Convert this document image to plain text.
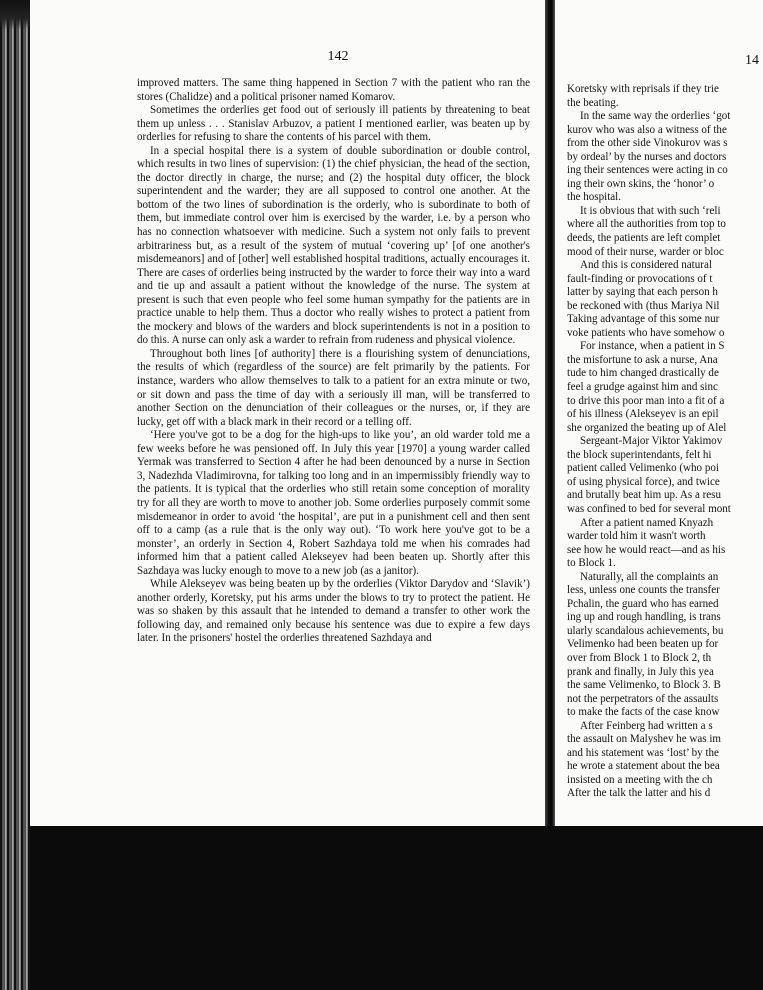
142

improved matters. The same thing happened in Section 7 with the patient who ran the stores (Chalidze) and a political prisoner named Komarov.

Sometimes the orderlies get food out of seriously ill patients by threatening to beat them up unless . . . Stanislav Arbuzov, a patient I mentioned earlier, was beaten up by orderlies for refusing to share the contents of his parcel with them.

In a special hospital there is a system of double subordination or double control, which results in two lines of supervision: (1) the chief physician, the head of the section, the doctor directly in charge, the nurse; and (2) the hospital duty officer, the block superintendent and the warder; they are all supposed to control one another. At the bottom of the two lines of subordination is the orderly, who is subordinate to both of them, but immediate control over him is exercised by the warder, i.e. by a person who has no connection whatsoever with medicine. Such a system not only fails to prevent arbitrariness but, as a result of the system of mutual ‘covering up’ [of one another's misdemeanors] and of [other] well established hospital traditions, actually encourages it. There are cases of orderlies being instructed by the warder to force their way into a ward and tie up and assault a patient without the knowledge of the nurse. The system at present is such that even people who feel some human sympathy for the patients are in practice unable to help them. Thus a doctor who really wishes to protect a patient from the mockery and blows of the warders and block superintendents is not in a position to do this. A nurse can only ask a warder to refrain from rudeness and physical violence.

Throughout both lines [of authority] there is a flourishing system of denunciations, the results of which (regardless of the source) are felt primarily by the patients. For instance, warders who allow themselves to talk to a patient for an extra minute or two, or sit down and pass the time of day with a seriously ill man, will be transferred to another Section on the denunciation of their colleagues or the nurses, or, if they are lucky, get off with a black mark in their record or a telling off.

‘Here you've got to be a dog for the high-ups to like you’, an old warder told me a few weeks before he was pensioned off. In July this year [1970] a young warder called Yermak was transferred to Section 4 after he had been denounced by a nurse in Section 3, Nadezhda Vladimirovna, for talking too long and in an impermissibly friendly way to the patients. It is typical that the orderlies who still retain some conception of morality try for all they are worth to move to another job. Some orderlies purposely commit some misdemeanor in order to avoid ‘the hospital’, are put in a punishment cell and then sent off to a camp (as a rule that is the only way out). ‘To work here you've got to be a monster’, an orderly in Section 4, Robert Sazhdaya told me when his comrades had informed him that a patient called Alekseyev had been beaten up. Shortly after this Sazhdaya was lucky enough to move to a new job (as a janitor).

While Alekseyev was being beaten up by the orderlies (Viktor Darydov and ‘Slavik’) another orderly, Koretsky, put his arms under the blows to try to protect the patient. He was so shaken by this assault that he intended to demand a transfer to other work the following day, and remained only because his sentence was due to expire a few days later. In the prisoners' hostel the orderlies threatened Sazhdaya and

14
Koretsky with reprisals if they trie
the beating.
In the same way the orderlies ‘got
kurov who was also a witness of the
from the other side Vinokurov was s
by ordeal’ by the nurses and doctors
ing their sentences were acting in co
ing their own skins, the ‘honor’ o
the hospital.
It is obvious that with such ‘reli
where all the authorities from top to
deeds, the patients are left complet
mood of their nurse, warder or bloc
And this is considered natural
fault-finding or provocations of t
latter by saying that each person h
be reckoned with (thus Mariya Nil
Taking advantage of this some nur
voke patients who have somehow o
For instance, when a patient in S
the misfortune to ask a nurse, Ana
tude to him changed drastically de
feel a grudge against him and sinc
to drive this poor man into a fit of a
of his illness (Alekseyev is an epil
she organized the beating up of Alel
Sergeant-Major Viktor Yakimov
the block superintendants, felt hi
patient called Velimenko (who poi
of using physical force), and twice
and brutally beat him up. As a resu
was confined to bed for several mont
After a patient named Knyazh
warder told him it wasn't worth
see how he would react—and as his
to Block 1.
Naturally, all the complaints an
less, unless one counts the transfer
Pchalin, the guard who has earned
ing up and rough handling, is trans
ularly scandalous achievements, bu
Velimenko had been beaten up for
over from Block 1 to Block 2, th
prank and finally, in July this yea
the same Velimenko, to Block 3. B
not the perpetrators of the assaults
to make the facts of the case know
After Feinberg had written a s
the assault on Malyshev he was im
and his statement was ‘lost’ by the
he wrote a statement about the bea
insisted on a meeting with the ch
After the talk the latter and his d
